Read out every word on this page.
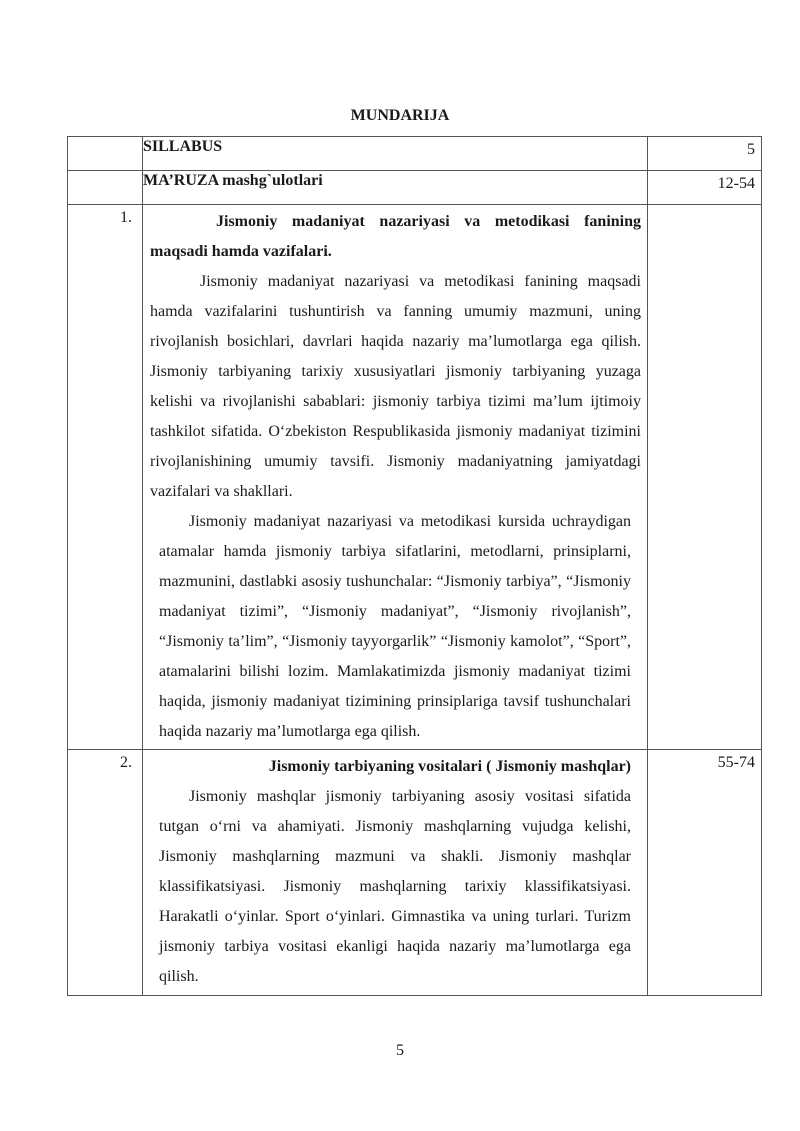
MUNDARIJA
	SILLABUS	5
	MA’RUZA mashg`ulotlari	12-54
1.	Jismoniy madaniyat nazariyasi va metodikasi fanining maqsadi hamda vazifalari.

Jismoniy madaniyat nazariyasi va metodikasi fanining maqsadi hamda vazifalarini tushuntirish va fanning umumiy mazmuni, uning rivojlanish bosichlari, davrlari haqida nazariy ma’lumotlarga ega qilish. Jismoniy tarbiyaning tarixiy xususiyatlari jismoniy tarbiyaning yuzaga kelishi va rivojlanishi sabablari: jismoniy tarbiya tizimi ma’lum ijtimoiy tashkilot sifatida. O‘zbekiston Respublikasida jismoniy madaniyat tizimini rivojlanishining umumiy tavsifi. Jismoniy madaniyatning jamiyatdagi vazifalari va shakllari.

Jismoniy madaniyat nazariyasi va metodikasi kursida uchraydigan atamalar hamda jismoniy tarbiya sifatlarini, metodlarni, prinsiplarni, mazmunini, dastlabki asosiy tushunchalar: “Jismoniy tarbiya”, “Jismoniy madaniyat tizimi”, “Jismoniy madaniyat”, “Jismoniy rivojlanish”, “Jismoniy ta’lim”, “Jismoniy tayyorgarlik” “Jismoniy kamolot”, “Sport”, atamalarini bilishi lozim. Mamlakatimizda jismoniy madaniyat tizimi haqida, jismoniy madaniyat tizimining prinsiplariga tavsif tushunchalari haqida nazariy ma’lumotlarga ega qilish.	

2.	Jismoniy tarbiyaning vositalari ( Jismoniy mashqlar)

Jismoniy mashqlar jismoniy tarbiyaning asosiy vositasi sifatida tutgan o‘rni va ahamiyati. Jismoniy mashqlarning vujudga kelishi, Jismoniy mashqlarning mazmuni va shakli. Jismoniy mashqlar klassifikatsiyasi. Jismoniy mashqlarning tarixiy klassifikatsiyasi. Harakatli o‘yinlar. Sport o‘yinlari. Gimnastika va uning turlari. Turizm jismoniy tarbiya vositasi ekanligi haqida nazariy ma’lumotlarga ega qilish.	55-74
5
